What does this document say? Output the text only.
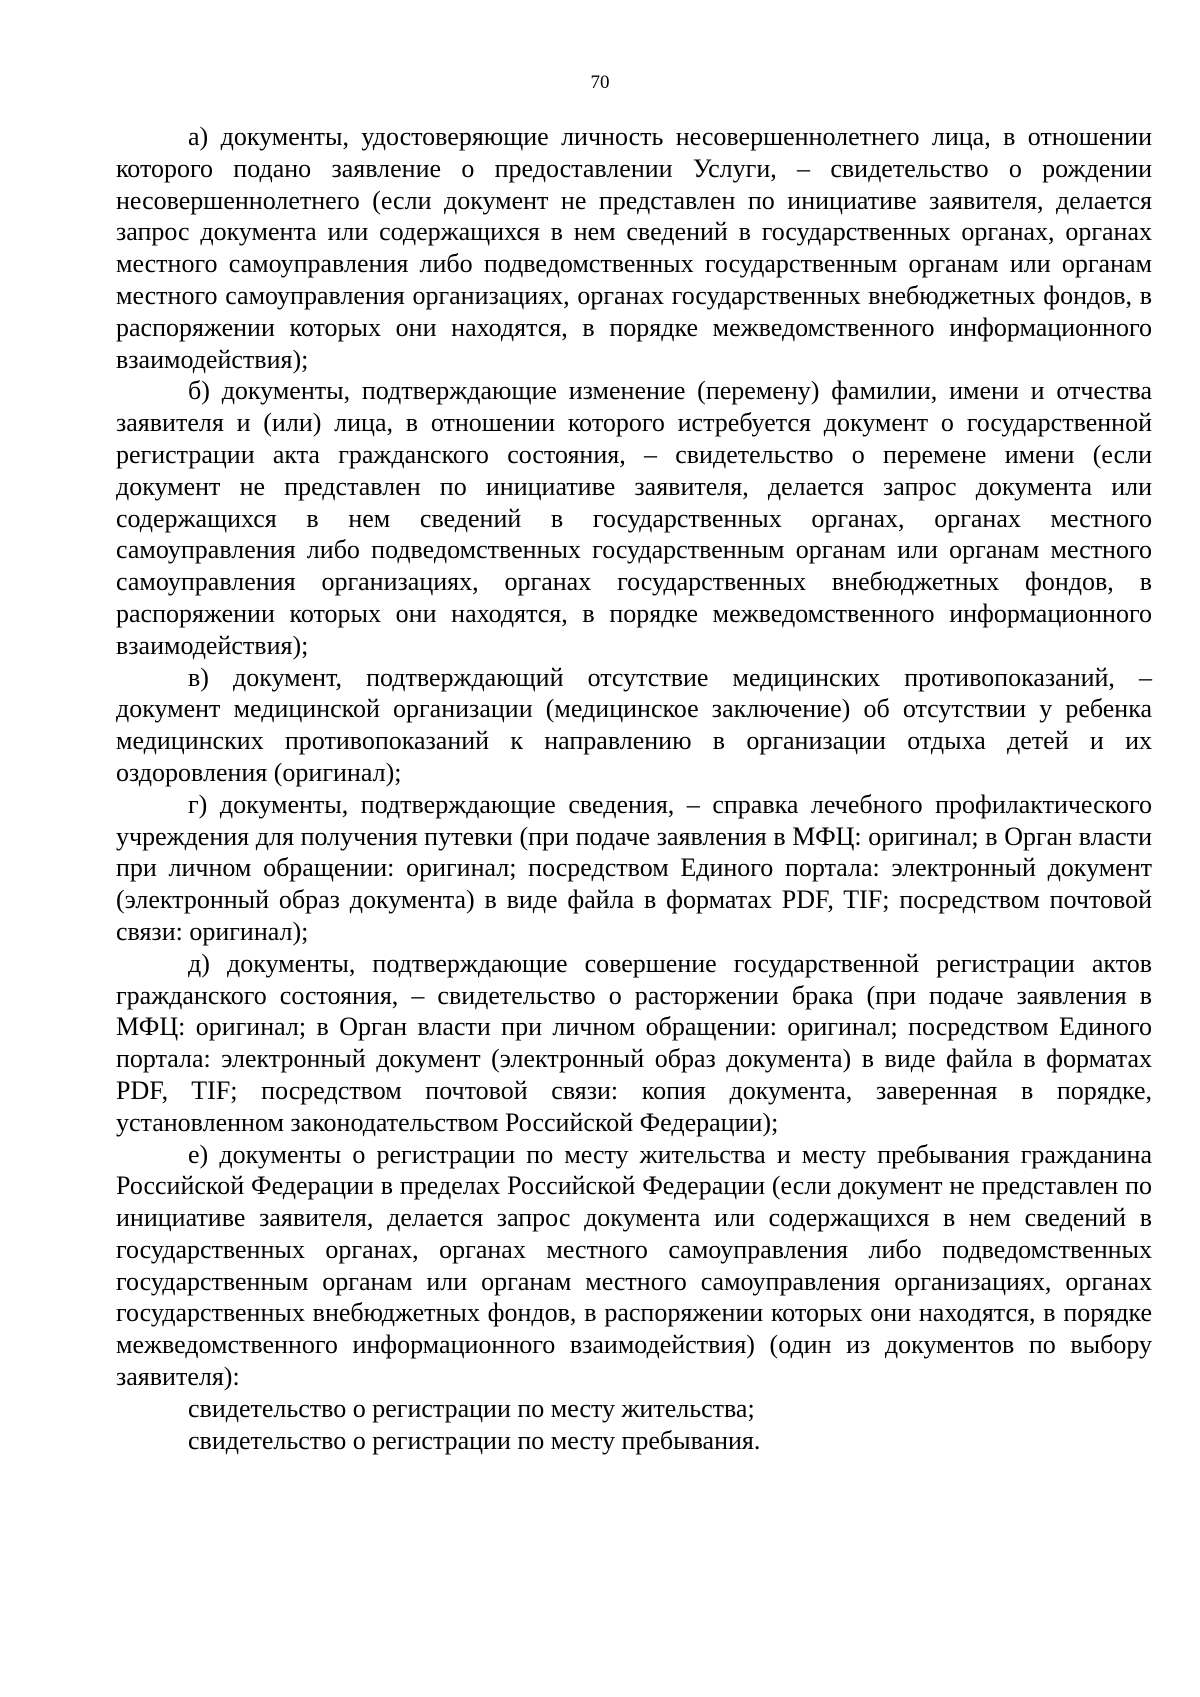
70

а) документы, удостоверяющие личность несовершеннолетнего лица, в отношении которого подано заявление о предоставлении Услуги, – свидетельство о рождении несовершеннолетнего (если документ не представлен по инициативе заявителя, делается запрос документа или содержащихся в нем сведений в государственных органах, органах местного самоуправления либо подведомственных государственным органам или органам местного самоуправления организациях, органах государственных внебюджетных фондов, в распоряжении которых они находятся, в порядке межведомственного информационного взаимодействия);

б) документы, подтверждающие изменение (перемену) фамилии, имени и отчества заявителя и (или) лица, в отношении которого истребуется документ о государственной регистрации акта гражданского состояния, – свидетельство о перемене имени (если документ не представлен по инициативе заявителя, делается запрос документа или содержащихся в нем сведений в государственных органах, органах местного самоуправления либо подведомственных государственным органам или органам местного самоуправления организациях, органах государственных внебюджетных фондов, в распоряжении которых они находятся, в порядке межведомственного информационного взаимодействия);

в) документ, подтверждающий отсутствие медицинских противопоказаний, – документ медицинской организации (медицинское заключение) об отсутствии у ребенка медицинских противопоказаний к направлению в организации отдыха детей и их оздоровления (оригинал);

г) документы, подтверждающие сведения, – справка лечебного профилактического учреждения для получения путевки (при подаче заявления в МФЦ: оригинал; в Орган власти при личном обращении: оригинал; посредством Единого портала: электронный документ (электронный образ документа) в виде файла в форматах PDF, TIF; посредством почтовой связи: оригинал);

д) документы, подтверждающие совершение государственной регистрации актов гражданского состояния, – свидетельство о расторжении брака (при подаче заявления в МФЦ: оригинал; в Орган власти при личном обращении: оригинал; посредством Единого портала: электронный документ (электронный образ документа) в виде файла в форматах PDF, TIF; посредством почтовой связи: копия документа, заверенная в порядке, установленном законодательством Российской Федерации);

е) документы о регистрации по месту жительства и месту пребывания гражданина Российской Федерации в пределах Российской Федерации (если документ не представлен по инициативе заявителя, делается запрос документа или содержащихся в нем сведений в государственных органах, органах местного самоуправления либо подведомственных государственным органам или органам местного самоуправления организациях, органах государственных внебюджетных фондов, в распоряжении которых они находятся, в порядке межведомственного информационного взаимодействия) (один из документов по выбору заявителя):

свидетельство о регистрации по месту жительства;

свидетельство о регистрации по месту пребывания.
